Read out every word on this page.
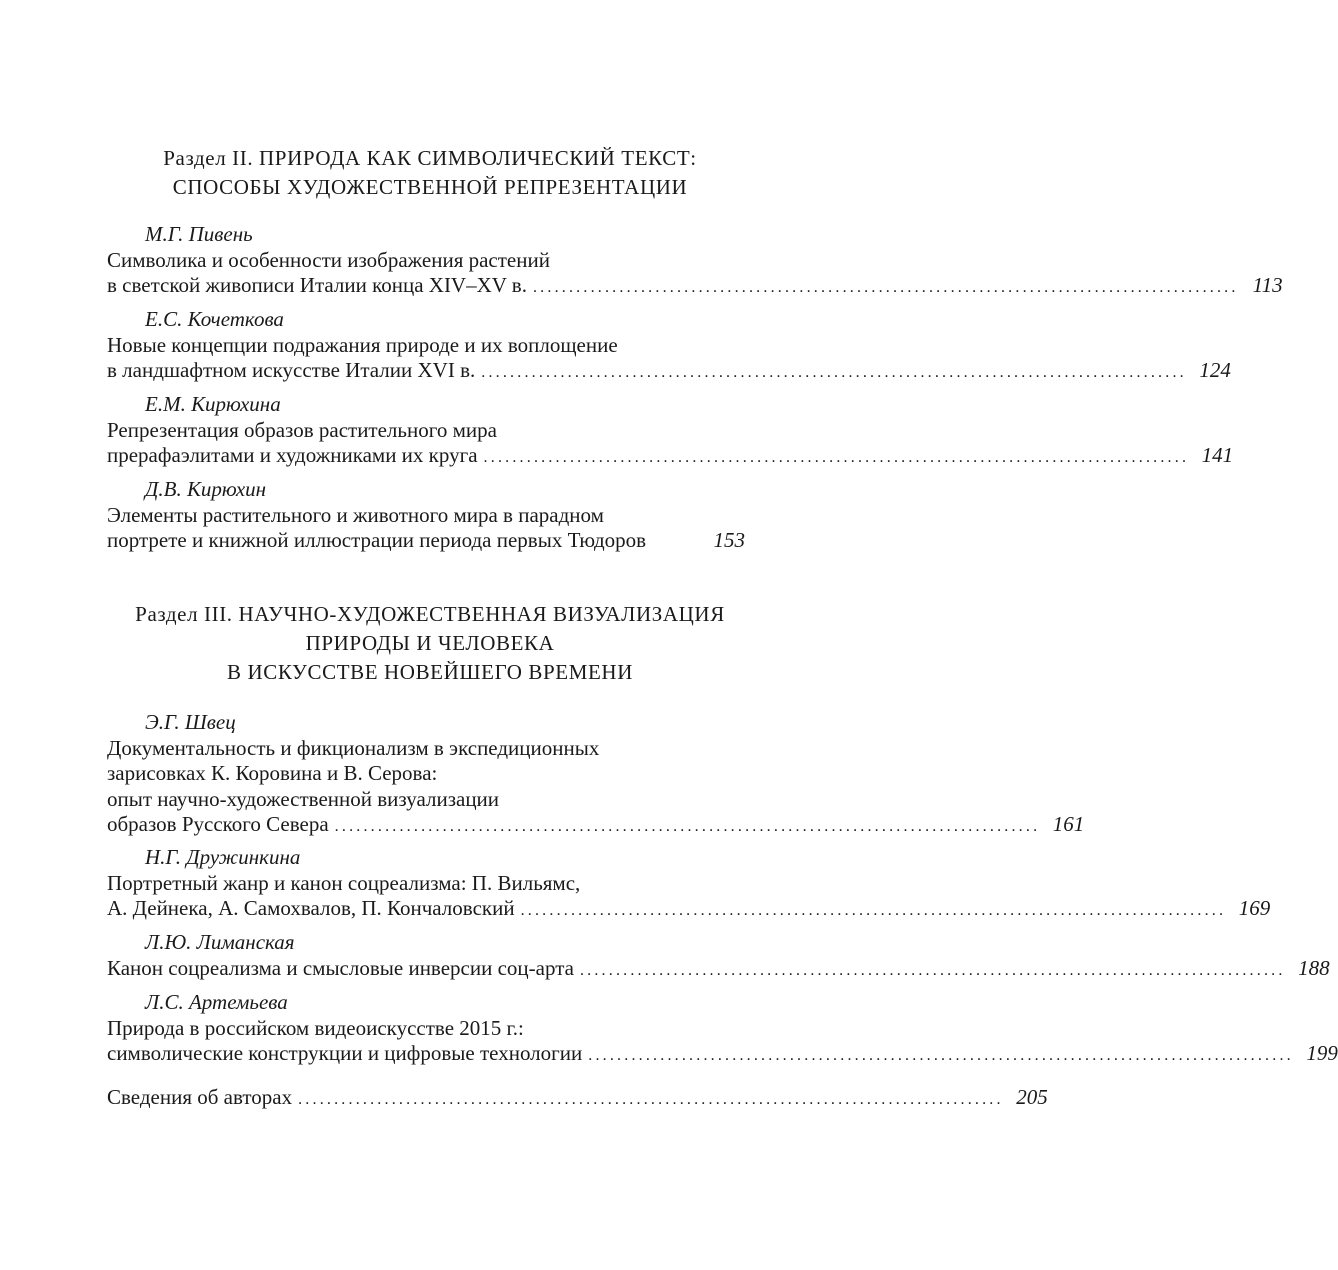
Раздел II. ПРИРОДА КАК СИМВОЛИЧЕСКИЙ ТЕКСТ:
СПОСОБЫ ХУДОЖЕСТВЕННОЙ РЕПРЕЗЕНТАЦИИ
М.Г. Пивень
Символика и особенности изображения растений
в светской живописи Италии конца XIV–XV в. .................................................................................................. 113
Е.С. Кочеткова
Новые концепции подражания природе и их воплощение
в ландшафтном искусстве Италии XVI в. .................................................................................................. 124
Е.М. Кирюхина
Репрезентация образов растительного мира
прерафаэлитами и художниками их круга .................................................................................................. 141
Д.В. Кирюхин
Элементы растительного и животного мира в парадном
портрете и книжной иллюстрации периода первых Тюдоров	153
Раздел III. НАУЧНО-ХУДОЖЕСТВЕННАЯ ВИЗУАЛИЗАЦИЯ
ПРИРОДЫ И ЧЕЛОВЕКА
В ИСКУССТВЕ НОВЕЙШЕГО ВРЕМЕНИ
Э.Г. Швец
Документальность и фикционализм в экспедиционных
зарисовках К. Коровина и В. Серова:
опыт научно-художественной визуализации
образов Русского Севера .................................................................................................. 161
Н.Г. Дружинкина
Портретный жанр и канон соцреализма: П. Вильямс,
А. Дейнека, А. Самохвалов, П. Кончаловский .................................................................................................. 169
Л.Ю. Лиманская
Канон соцреализма и смысловые инверсии соц-арта .................................................................................................. 188
Л.С. Артемьева
Природа в российском видеоискусстве 2015 г.:
символические конструкции и цифровые технологии .................................................................................................. 199
Сведения об авторах .................................................................................................. 205
